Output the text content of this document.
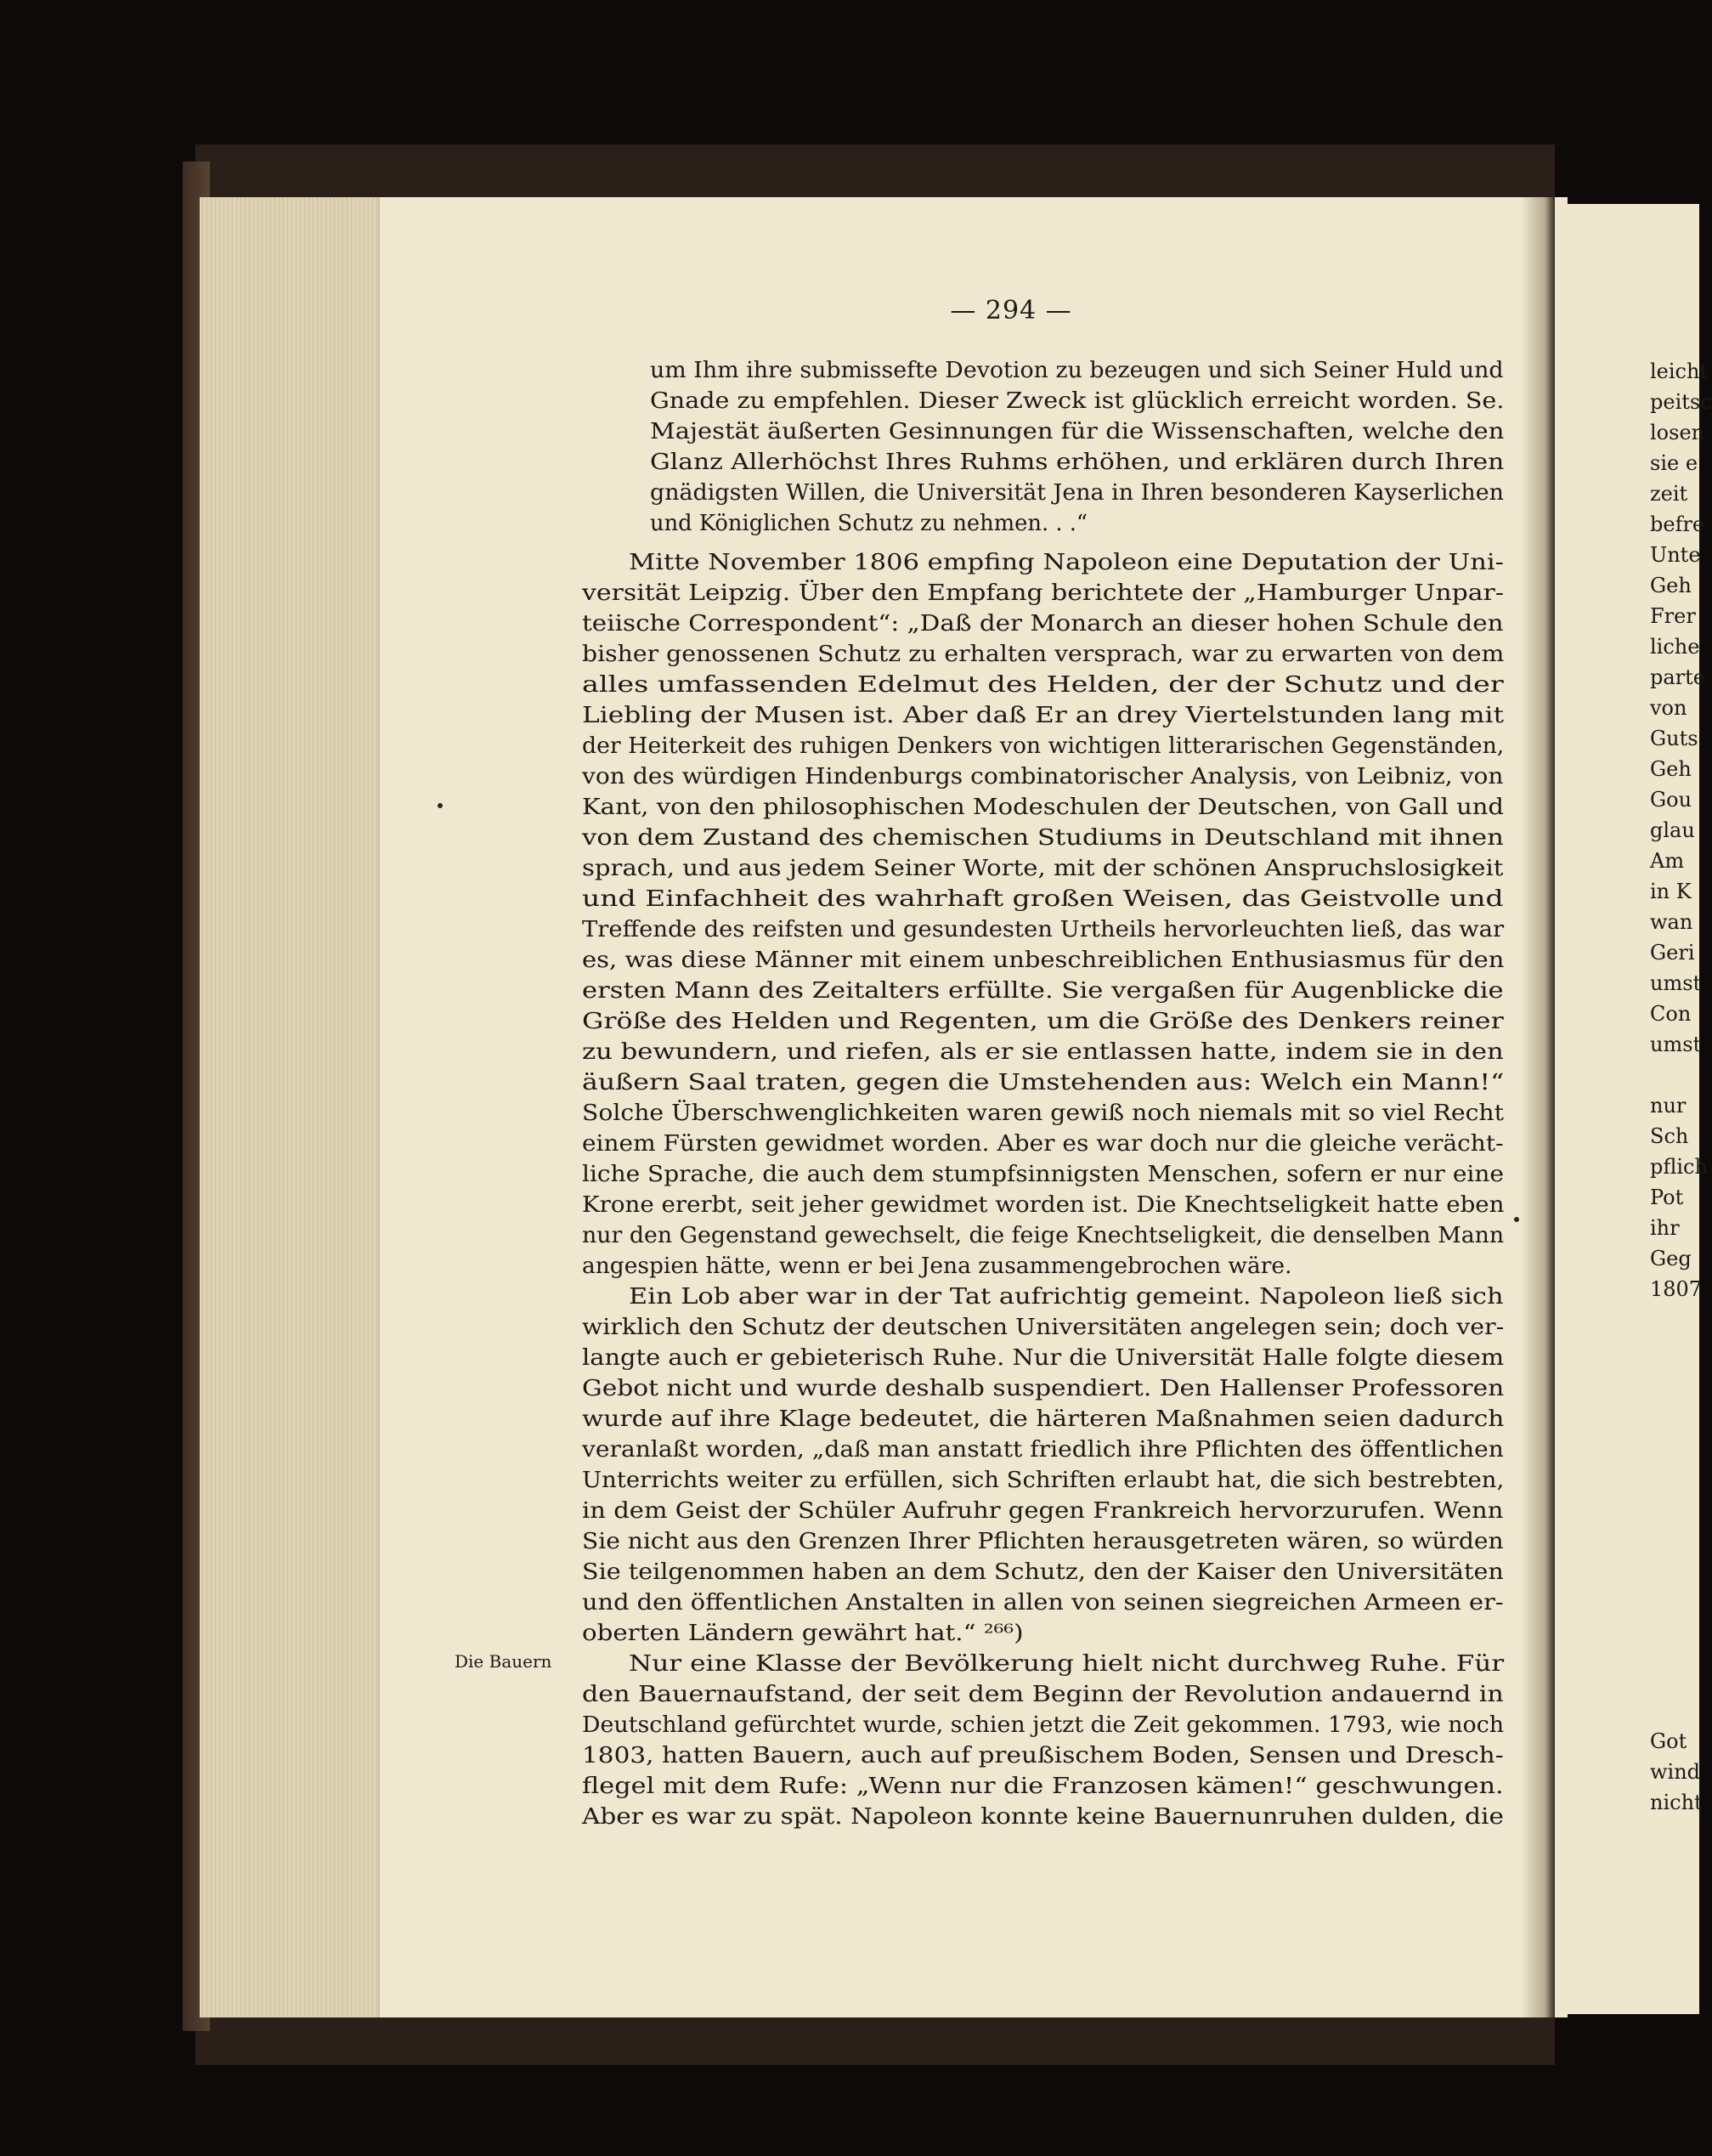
leicht
peitsc
losen
sie e
zeit
befre
Unte
Geh
Frer
liche
parte
von
Guts
Geh
Gou
glau
Am
in K
wan
Geri
umst
Con
umst
nur
Sch
pflich
Pot
ihr
Geg
1807
Got
wind
nicht
— 294 —
Die Bauern
um Ihm ihre submissefte Devotion zu bezeugen und sich Seiner Huld und
Gnade zu empfehlen. Dieser Zweck ist glücklich erreicht worden. Se.
Majestät äußerten Gesinnungen für die Wissenschaften, welche den
Glanz Allerhöchst Ihres Ruhms erhöhen, und erklären durch Ihren
gnädigsten Willen, die Universität Jena in Ihren besonderen Kayserlichen
und Königlichen Schutz zu nehmen. . .“
Mitte November 1806 empfing Napoleon eine Deputation der Uni-
versität Leipzig. Über den Empfang berichtete der „Hamburger Unpar-
teiische Correspondent“: „Daß der Monarch an dieser hohen Schule den
bisher genossenen Schutz zu erhalten versprach, war zu erwarten von dem
alles umfassenden Edelmut des Helden, der der Schutz und der
Liebling der Musen ist. Aber daß Er an drey Viertelstunden lang mit
der Heiterkeit des ruhigen Denkers von wichtigen litterarischen Gegenständen,
von des würdigen Hindenburgs combinatorischer Analysis, von Leibniz, von
Kant, von den philosophischen Modeschulen der Deutschen, von Gall und
von dem Zustand des chemischen Studiums in Deutschland mit ihnen
sprach, und aus jedem Seiner Worte, mit der schönen Anspruchslosigkeit
und Einfachheit des wahrhaft großen Weisen, das Geistvolle und
Treffende des reifsten und gesundesten Urtheils hervorleuchten ließ, das war
es, was diese Männer mit einem unbeschreiblichen Enthusiasmus für den
ersten Mann des Zeitalters erfüllte. Sie vergaßen für Augenblicke die
Größe des Helden und Regenten, um die Größe des Denkers reiner
zu bewundern, und riefen, als er sie entlassen hatte, indem sie in den
äußern Saal traten, gegen die Umstehenden aus: Welch ein Mann!“
Solche Überschwenglichkeiten waren gewiß noch niemals mit so viel Recht
einem Fürsten gewidmet worden. Aber es war doch nur die gleiche verächt-
liche Sprache, die auch dem stumpfsinnigsten Menschen, sofern er nur eine
Krone ererbt, seit jeher gewidmet worden ist. Die Knechtseligkeit hatte eben
nur den Gegenstand gewechselt, die feige Knechtseligkeit, die denselben Mann
angespien hätte, wenn er bei Jena zusammengebrochen wäre.
Ein Lob aber war in der Tat aufrichtig gemeint. Napoleon ließ sich
wirklich den Schutz der deutschen Universitäten angelegen sein; doch ver-
langte auch er gebieterisch Ruhe. Nur die Universität Halle folgte diesem
Gebot nicht und wurde deshalb suspendiert. Den Hallenser Professoren
wurde auf ihre Klage bedeutet, die härteren Maßnahmen seien dadurch
veranlaßt worden, „daß man anstatt friedlich ihre Pflichten des öffentlichen
Unterrichts weiter zu erfüllen, sich Schriften erlaubt hat, die sich bestrebten,
in dem Geist der Schüler Aufruhr gegen Frankreich hervorzurufen. Wenn
Sie nicht aus den Grenzen Ihrer Pflichten herausgetreten wären, so würden
Sie teilgenommen haben an dem Schutz, den der Kaiser den Universitäten
und den öffentlichen Anstalten in allen von seinen siegreichen Armeen er-
oberten Ländern gewährt hat.“ ²⁶⁶)
Nur eine Klasse der Bevölkerung hielt nicht durchweg Ruhe. Für
den Bauernaufstand, der seit dem Beginn der Revolution andauernd in
Deutschland gefürchtet wurde, schien jetzt die Zeit gekommen. 1793, wie noch
1803, hatten Bauern, auch auf preußischem Boden, Sensen und Dresch-
flegel mit dem Rufe: „Wenn nur die Franzosen kämen!“ geschwungen.
Aber es war zu spät. Napoleon konnte keine Bauernunruhen dulden, die
